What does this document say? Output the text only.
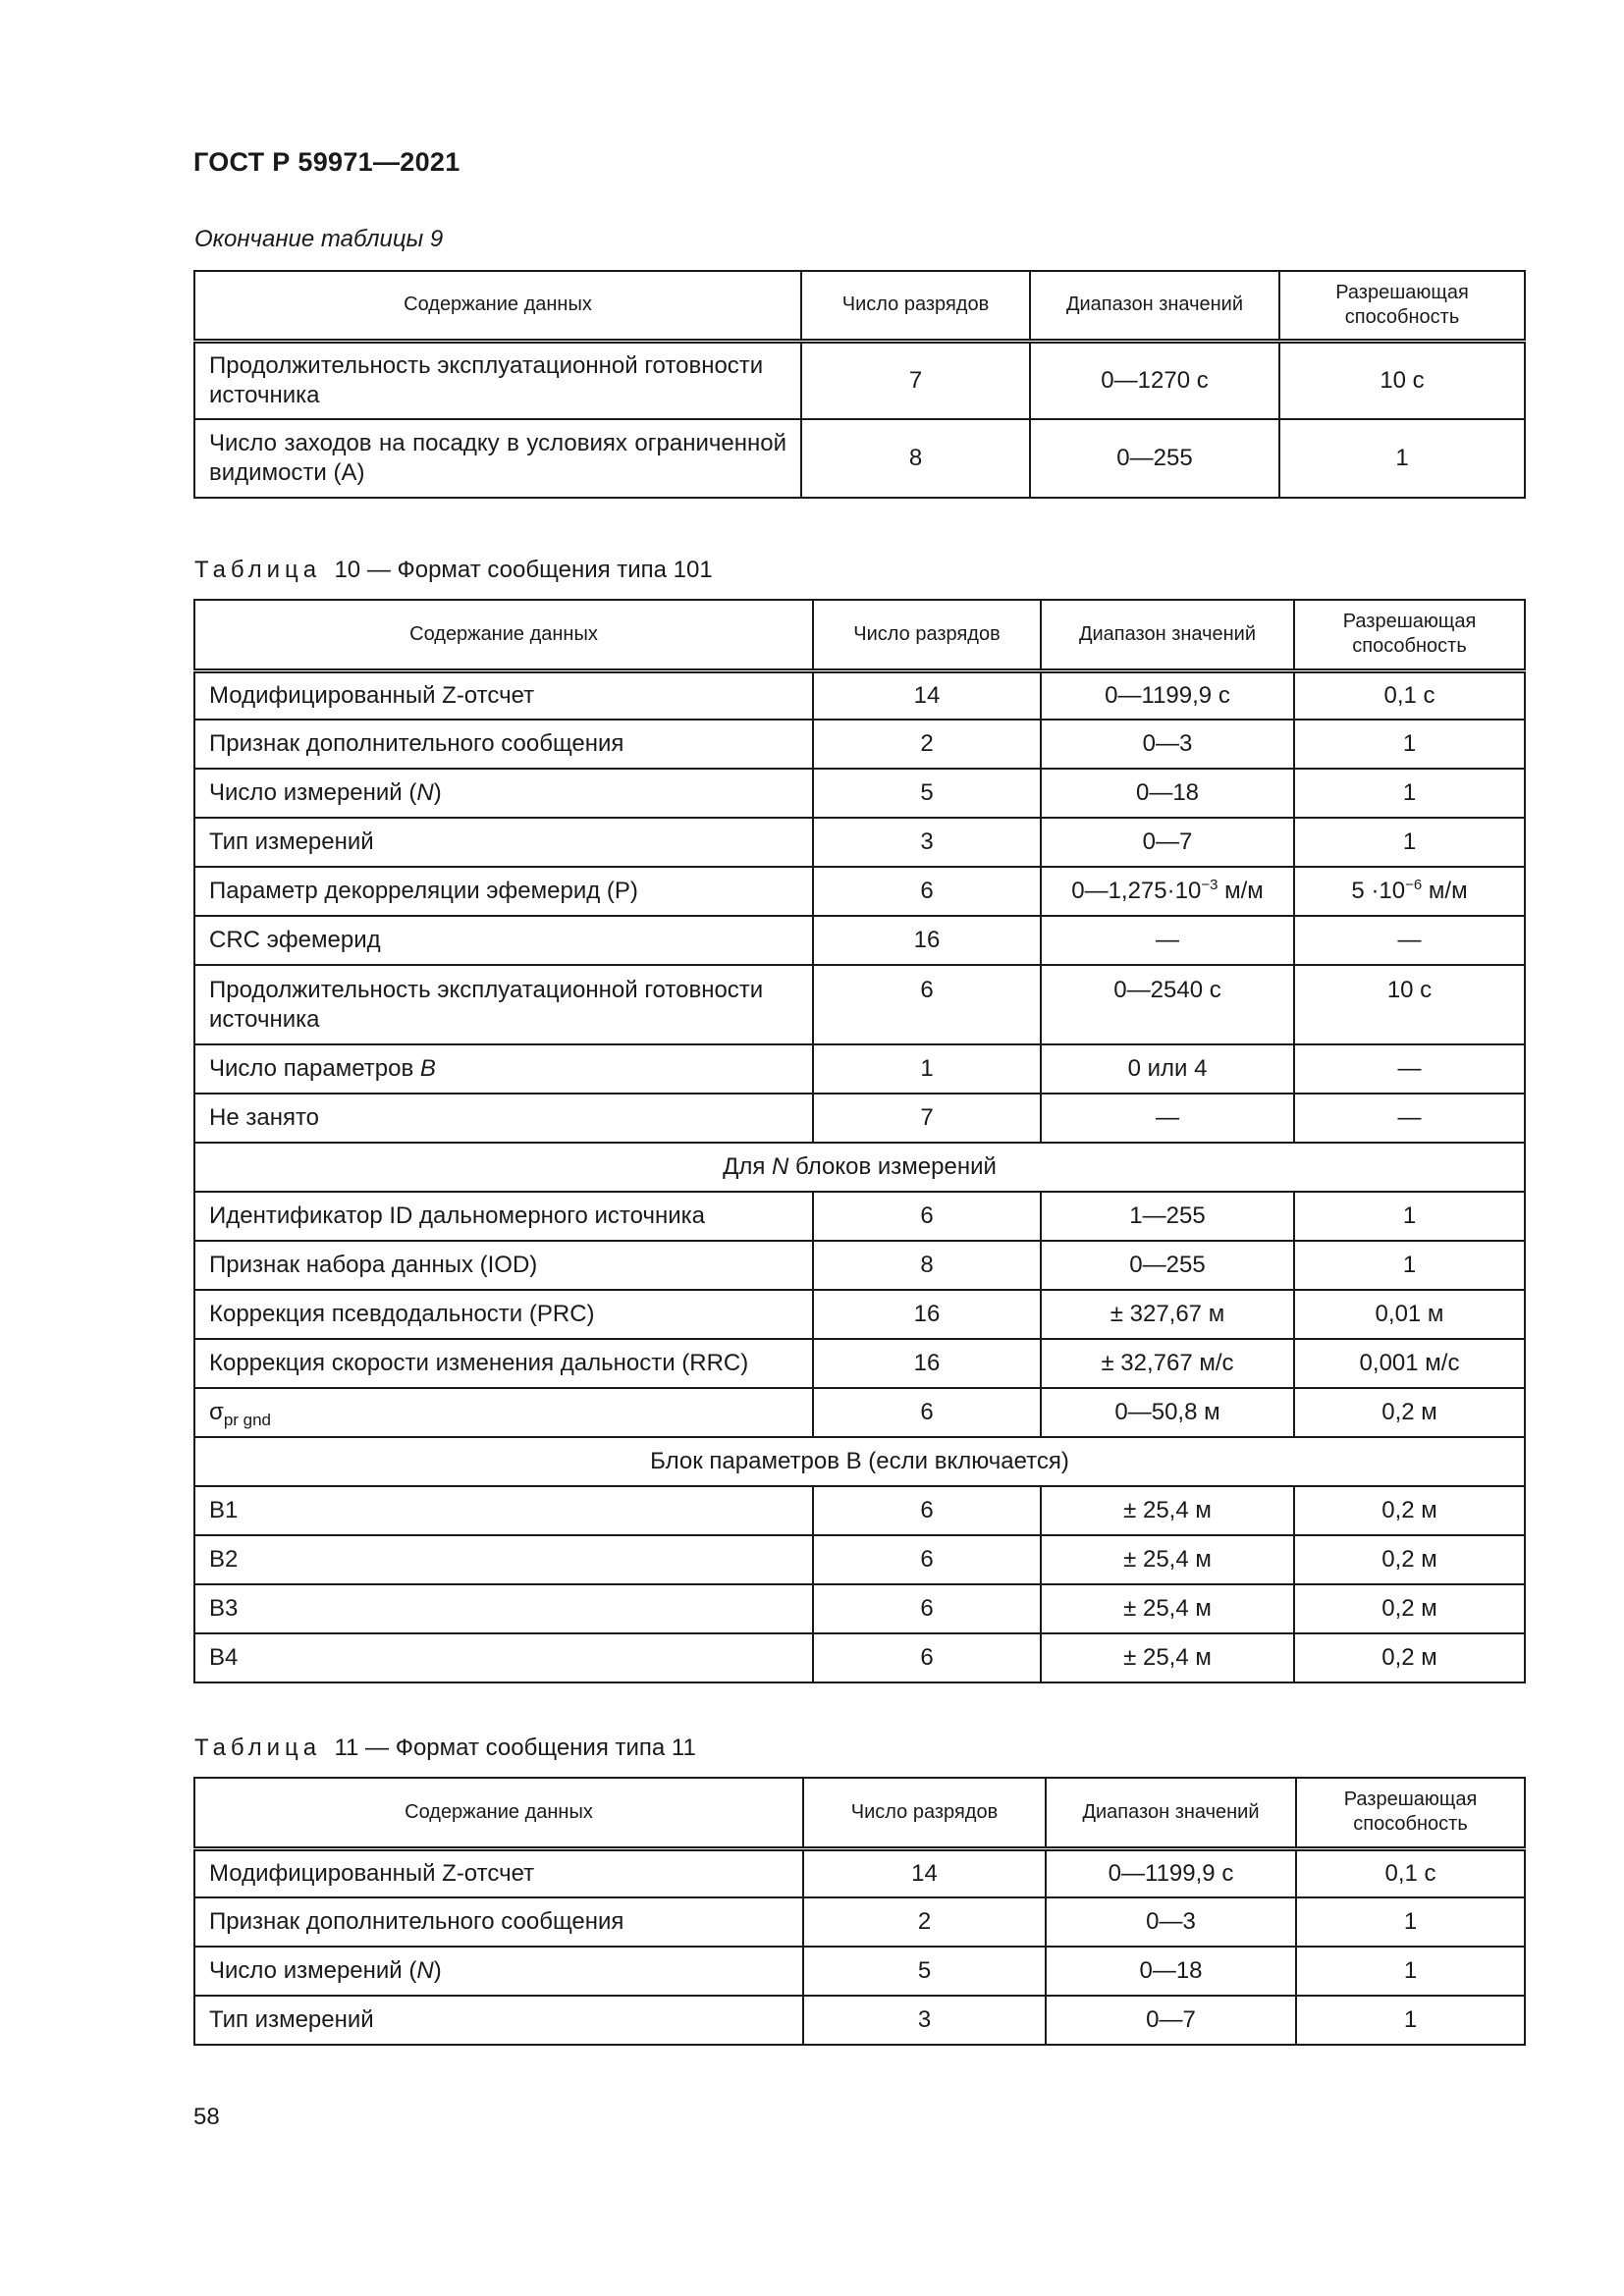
ГОСТ Р 59971—2021
Окончание таблицы 9
Содержание данных	Число разрядов	Диапазон значений	Разрешающая способность
Продолжительность эксплуатационной готовности источника	7	0—1270 с	10 с
Число заходов на посадку в условиях ограниченной видимости (А)	8	0—255	1
Таблица 10 — Формат сообщения типа 101
Содержание данных	Число разрядов	Диапазон значений	Разрешающая способность
Модифицированный Z-отсчет	14	0—1199,9 с	0,1 с
Признак дополнительного сообщения	2	0—3	1
Число измерений (N)	5	0—18	1
Тип измерений	3	0—7	1
Параметр декорреляции эфемерид (P)	6	$0—1,275\cdot 10^{-3}$ м/м	$5 \cdot 10^{-6}$ м/м
CRC эфемерид	16	—	—
Продолжительность эксплуатационной готовности источника	6	0—2540 с	10 с
Число параметров B	1	0 или 4	—
Не занято	7	—	—
Для N блоков измерений			
Идентификатор ID дальномерного источника	6	1—255	1
Признак набора данных (IOD)	8	0—255	1
Коррекция псевдодальности (PRC)	16	± 327,67 м	0,01 м
Коррекция скорости изменения дальности (RRC)	16	± 32,767 м/с	0,001 м/с
$\sigma_{pr gnd}$	6	0—50,8 м	0,2 м
Блок параметров B (если включается)			
B1	6	± 25,4 м	0,2 м
B2	6	± 25,4 м	0,2 м
B3	6	± 25,4 м	0,2 м
B4	6	± 25,4 м	0,2 м
Таблица 11 — Формат сообщения типа 11
Содержание данных	Число разрядов	Диапазон значений	Разрешающая способность
Модифицированный Z-отсчет	14	0—1199,9 с	0,1 с
Признак дополнительного сообщения	2	0—3	1
Число измерений (N)	5	0—18	1
Тип измерений	3	0—7	1
58
